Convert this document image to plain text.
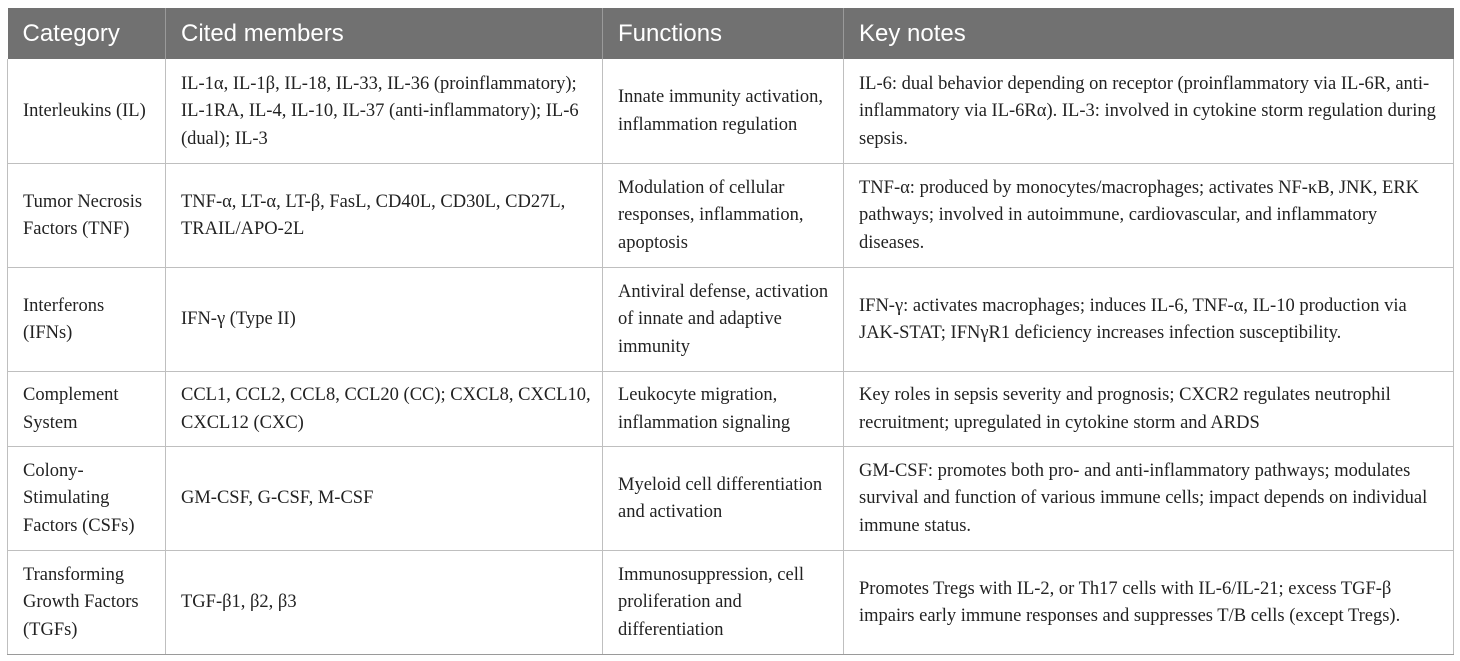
Category	Cited members	Functions	Key notes
Interleukins (IL)	IL-1α, IL-1β, IL-18, IL-33, IL-36 (proinflammatory); IL-1RA, IL-4, IL-10, IL-37 (anti-inflammatory); IL-6 (dual); IL-3	Innate immunity activation, inflammation regulation	IL-6: dual behavior depending on receptor (proinflammatory via IL-6R, anti-inflammatory via IL-6Rα). IL-3: involved in cytokine storm regulation during sepsis.
Tumor Necrosis Factors (TNF)	TNF-α, LT-α, LT-β, FasL, CD40L, CD30L, CD27L, TRAIL/APO-2L	Modulation of cellular responses, inflammation, apoptosis	TNF-α: produced by monocytes/macrophages; activates NF-κB, JNK, ERK pathways; involved in autoimmune, cardiovascular, and inflammatory diseases.
Interferons (IFNs)	IFN-γ (Type II)	Antiviral defense, activation of innate and adaptive immunity	IFN-γ: activates macrophages; induces IL-6, TNF-α, IL-10 production via JAK-STAT; IFNγR1 deficiency increases infection susceptibility.
Complement System	CCL1, CCL2, CCL8, CCL20 (CC); CXCL8, CXCL10, CXCL12 (CXC)	Leukocyte migration, inflammation signaling	Key roles in sepsis severity and prognosis; CXCR2 regulates neutrophil recruitment; upregulated in cytokine storm and ARDS
Colony-Stimulating Factors (CSFs)	GM-CSF, G-CSF, M-CSF	Myeloid cell differentiation and activation	GM-CSF: promotes both pro- and anti-inflammatory pathways; modulates survival and function of various immune cells; impact depends on individual immune status.
Transforming Growth Factors (TGFs)	TGF-β1, β2, β3	Immunosuppression, cell proliferation and differentiation	Promotes Tregs with IL-2, or Th17 cells with IL-6/IL-21; excess TGF-β impairs early immune responses and suppresses T/B cells (except Tregs).
